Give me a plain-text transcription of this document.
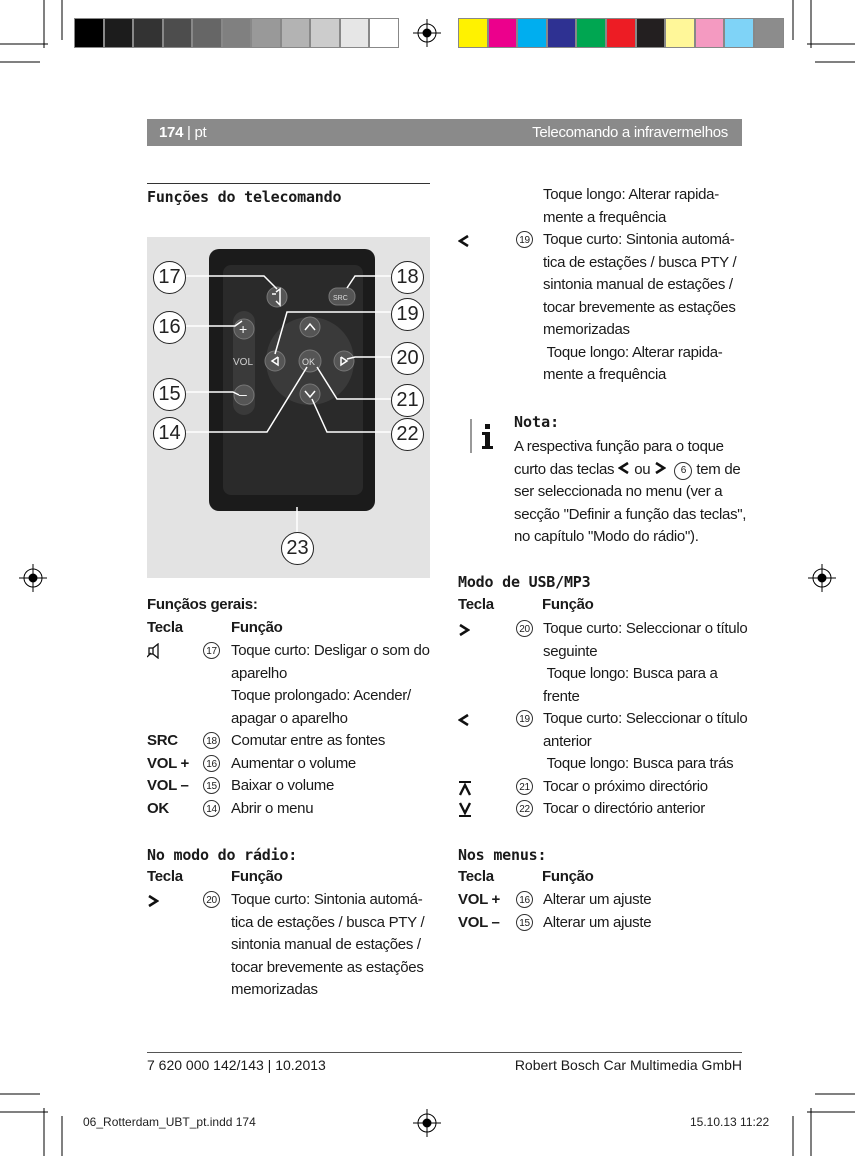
174 | pt	Telecomando a infravermelhos
Funções do telecomando
+
VOL
–
SRC
OK
17	18
16
19
20
15	21
14	22
23
Funçãos gerais:
Tecla	Função
17 Toque curto: Desligar o som do
aparelho
Toque prolongado: Acender/
apagar o aparelho
SRC	18 Comutar entre as fontes
VOL +	16 Aumentar o volume
VOL –	15 Baixar o volume
OK	14 Abrir o menu
No modo do rádio:
Tecla	Função
20 Toque curto: Sintonia automá-
tica de estações / busca PTY /
sintonia manual de estações /
tocar brevemente as estações
memorizadas
Toque longo: Alterar rapida-
mente a frequência
19 Toque curto: Sintonia automá-
tica de estações / busca PTY /
sintonia manual de estações /
tocar brevemente as estações
memorizadas
Toque longo: Alterar rapida-
mente a frequência
Nota:
A respectiva função para o toque
curto das teclas ou	6 tem de
ser seleccionada no menu (ver a
secção "Definir a função das teclas",
no capítulo "Modo do rádio").
Modo de USB/MP3
Tecla	Função
20 Toque curto: Seleccionar o título
seguinte
Toque longo: Busca para a
frente
19 Toque curto: Seleccionar o título
anterior
Toque longo: Busca para trás
21 Tocar o próximo directório
22 Tocar o directório anterior
Nos menus:
Tecla	Função
VOL +	16 Alterar um ajuste
VOL –	15 Alterar um ajuste
7 620 000 142/143 | 10.2013	Robert Bosch Car Multimedia GmbH
06_Rotterdam_UBT_pt.indd 174	15.10.13 11:22
